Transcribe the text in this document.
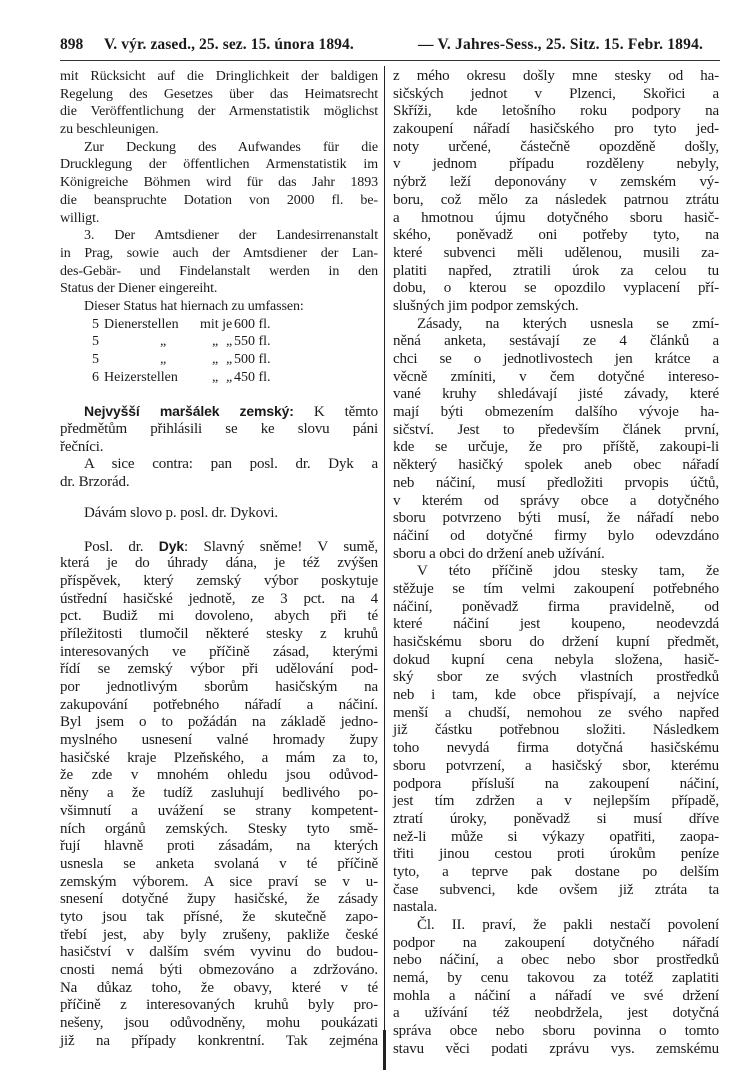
898 V. výr. zased., 25. sez. 15. února 1894.	— V. Jahres-Sess., 25. Sitz. 15. Febr. 1894.
mit Rücksicht auf die Dringlichkeit der baldigen
Regelung des Gesetzes über das Heimatsrecht
die Veröffentlichung der Armenstatistik möglichst
zu beschleunigen.
Zur Deckung des Aufwandes für die
Drucklegung der öffentlichen Armenstatistik im
Königreiche Böhmen wird für das Jahr 1893
die beanspruchte Dotation von 2000 fl. be-
willigt.
3. Der Amtsdiener der Landesirrenanstalt
in Prag, sowie auch der Amtsdiener der Lan-
des-Gebär- und Findelanstalt werden in den
Status der Diener eingereiht.
Dieser Status hat hiernach zu umfassen:
5 Dienerstellen mit je 600 fl.
5	„	„ „ 550 fl.
5	„	„ „ 500 fl.
6 Heizerstellen „ „ 450 fl.
Nejvyšší maršálek zemský: K těmto
předmětům přihlásili se ke slovu páni
řečníci.
A sice contra: pan posl. dr. Dyk a
dr. Brzorád.
Dávám slovo p. posl. dr. Dykovi.
Posl. dr. Dyk: Slavný sněme! V sumě,
která je do úhrady dána, je též zvýšen
příspěvek, který zemský výbor poskytuje
ústřední hasičské jednotě, ze 3 pct. na 4
pct. Budiž mi dovoleno, abych při té
příležitosti tlumočil některé stesky z kruhů
interesovaných ve příčině zásad, kterými
řídí se zemský výbor při udělování pod-
por jednotlivým sborům hasičským na
zakupování potřebného nářadí a náčiní.
Byl jsem o to požádán na základě jedno-
myslného usnesení valné hromady župy
hasičské kraje Plzeňského, a mám za to,
že zde v mnohém ohledu jsou odůvod-
něny a že tudíž zasluhují bedlivého po-
všimnutí a uvážení se strany kompetent-
ních orgánů zemských. Stesky tyto smě-
řují hlavně proti zásadám, na kterých
usnesla se anketa svolaná v té příčině
zemským výborem. A sice praví se v u-
snesení dotyčné župy hasičské, že zásady
tyto jsou tak přísné, že skutečně zapo-
třebí jest, aby byly zrušeny, pakliže české
hasičství v dalším svém vyvinu do budou-
cnosti nemá býti obmezováno a zdržováno.
Na důkaz toho, že obavy, které v té
příčině z interesovaných kruhů byly pro-
nešeny, jsou odůvodněny, mohu poukázati
již na případy konkrentní. Tak zejména
z mého okresu došly mne stesky od ha-
sičských jednot v Plzenci, Skořici a
Skříži, kde letošního roku podpory na
zakoupení nářadí hasičského pro tyto jed-
noty určené, částečně opozděně došly,
v jednom případu rozděleny nebyly,
nýbrž leží deponovány v zemském vý-
boru, což mělo za následek patrnou ztrátu
a hmotnou újmu dotyčného sboru hasič-
ského, poněvadž oni potřeby tyto, na
které subvenci měli udělenou, musili za-
platiti napřed, ztratili úrok za celou tu
dobu, o kterou se opozdilo vyplacení pří-
slušných jim podpor zemských.
Zásady, na kterých usnesla se zmí-
něná anketa, sestávají ze 4 článků a
chci se o jednotlivostech jen krátce a
věcně zmíniti, v čem dotyčné intereso-
vané kruhy shledávají jisté závady, které
mají býti obmezením dalšího vývoje ha-
sičství. Jest to především článek první,
kde se určuje, že pro příště, zakoupi-li
některý hasičký spolek aneb obec nářadí
neb náčiní, musí předložiti prvopis účtů,
v kterém od správy obce a dotyčného
sboru potvrzeno býti musí, že nářadí nebo
náčiní od dotyčné firmy bylo odevzdáno
sboru a obci do držení aneb užívání.
V této příčině jdou stesky tam, že
stěžuje se tím velmi zakoupení potřebného
náčiní, poněvadž firma pravidelně, od
které náčiní jest koupeno, neodevzdá
hasičskému sboru do držení kupní předmět,
dokud kupní cena nebyla složena, hasič-
ský sbor ze svých vlastních prostředků
neb i tam, kde obce přispívají, a nejvíce
menší a chudší, nemohou ze svého napřed
již částku potřebnou složiti. Následkem
toho nevydá firma dotyčná hasičskému
sboru potvrzení, a hasičský sbor, kterému
podpora přísluší na zakoupení náčiní,
jest tím zdržen a v nejlepším případě,
ztratí úroky, poněvadž si musí dříve
než-li může si výkazy opatřiti, zaopa-
třiti jinou cestou proti úrokům peníze
tyto, a teprve pak dostane po delším
čase subvenci, kde ovšem již ztráta ta
nastala.
Čl. II. praví, že pakli nestačí povolení
podpor na zakoupení dotyčného nářadí
nebo náčiní, a obec nebo sbor prostředků
nemá, by cenu takovou za totéž zaplatiti
mohla a náčiní a nářadí ve své držení
a užívání též neobdržela, jest dotyčná
správa obce nebo sboru povinna o tomto
stavu věci podati zprávu vys. zemskému
